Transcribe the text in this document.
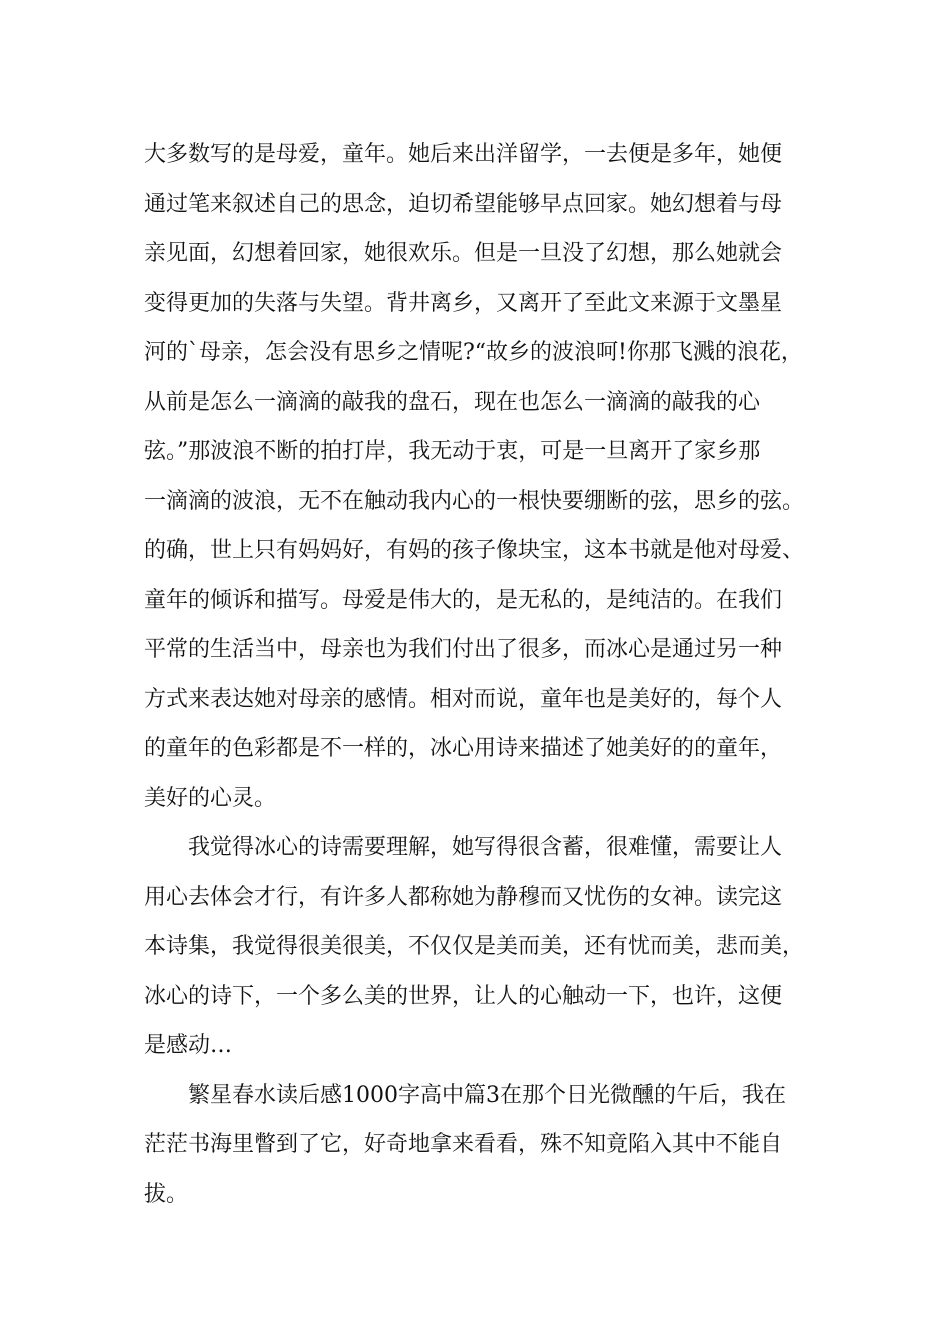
大多数写的是母爱，童年。她后来出洋留学，一去便是多年，她便
通过笔来叙述自己的思念，迫切希望能够早点回家。她幻想着与母
亲见面，幻想着回家，她很欢乐。但是一旦没了幻想，那么她就会
变得更加的失落与失望。背井离乡，又离开了至此文来源于文墨星
河的`母亲，怎会没有思乡之情呢?“故乡的波浪呵!你那飞溅的浪花，
从前是怎么一滴滴的敲我的盘石，现在也怎么一滴滴的敲我的心
弦。”那波浪不断的拍打岸，我无动于衷，可是一旦离开了家乡那
一滴滴的波浪，无不在触动我内心的一根快要绷断的弦，思乡的弦。
的确，世上只有妈妈好，有妈的孩子像块宝，这本书就是他对母爱、
童年的倾诉和描写。母爱是伟大的，是无私的，是纯洁的。在我们
平常的生活当中，母亲也为我们付出了很多，而冰心是通过另一种
方式来表达她对母亲的感情。相对而说，童年也是美好的，每个人
的童年的色彩都是不一样的，冰心用诗来描述了她美好的的童年，
美好的心灵。
我觉得冰心的诗需要理解，她写得很含蓄，很难懂，需要让人
用心去体会才行，有许多人都称她为静穆而又忧伤的女神。读完这
本诗集，我觉得很美很美，不仅仅是美而美，还有忧而美，悲而美，
冰心的诗下，一个多么美的世界，让人的心触动一下，也许，这便
是感动…
繁星春水读后感1000字高中篇3在那个日光微醺的午后，我在
茫茫书海里瞥到了它，好奇地拿来看看，殊不知竟陷入其中不能自
拔。
